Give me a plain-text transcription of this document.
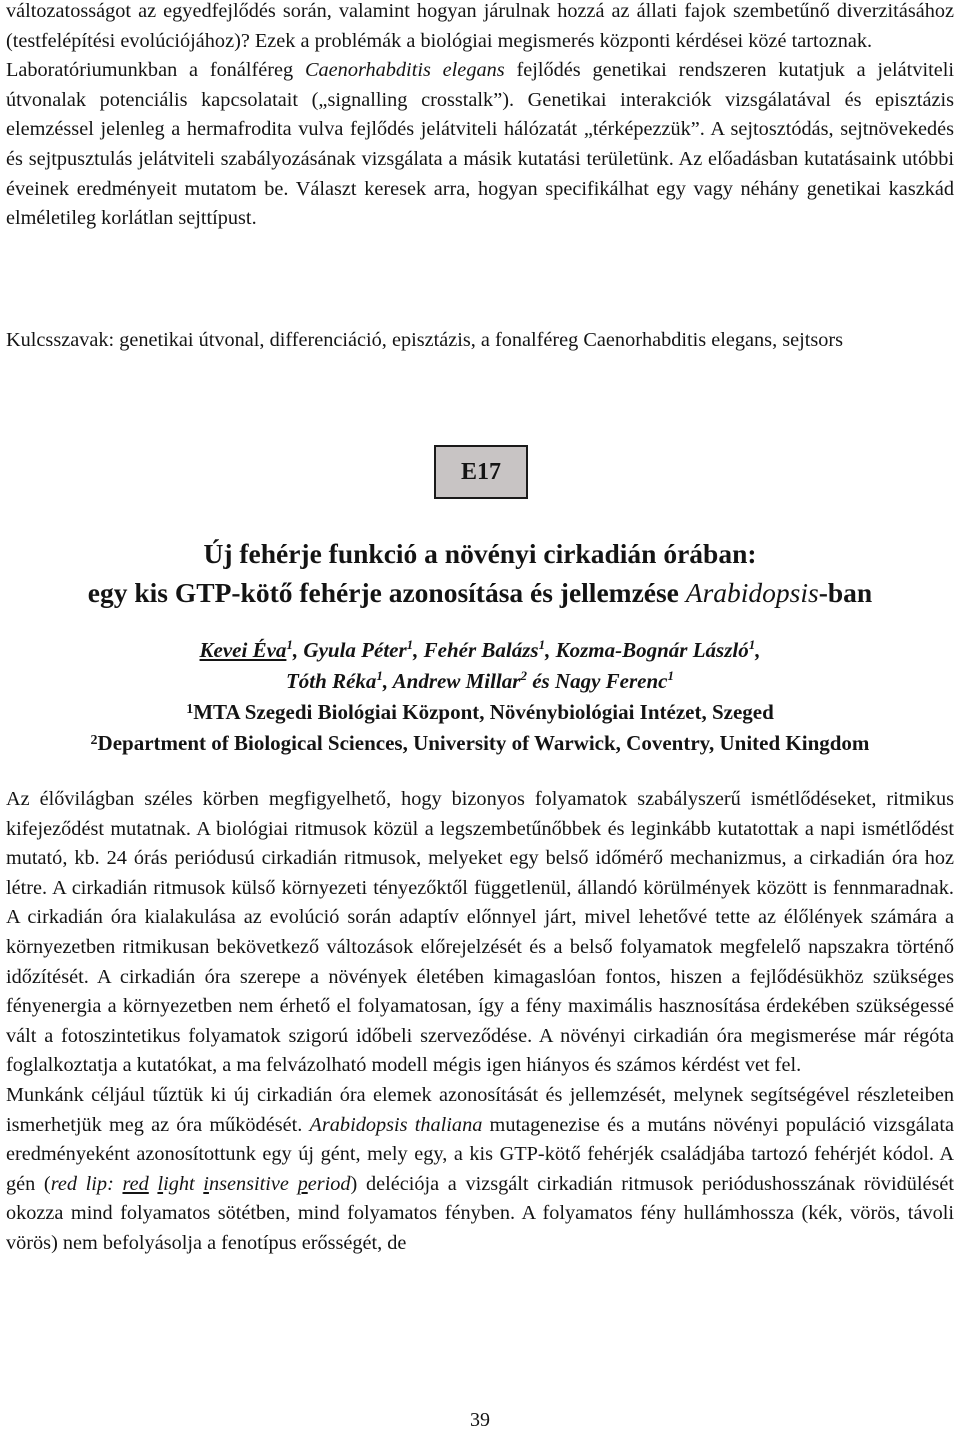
változatosságot az egyedfejlődés során, valamint hogyan járulnak hozzá az állati fajok szembetűnő diverzitásához (testfelépítési evolúciójához)? Ezek a problémák a biológiai megismerés központi kérdései közé tartoznak.
Laboratóriumunkban a fonálféreg Caenorhabditis elegans fejlődés genetikai rendszeren kutatjuk a jelátviteli útvonalak potenciális kapcsolatait („signalling crosstalk”). Genetikai interakciók vizsgálatával és episztázis elemzéssel jelenleg a hermafrodita vulva fejlődés jelátviteli hálózatát „térképezzük”. A sejtosztódás, sejtnövekedés és sejtpusztulás jelátviteli szabályozásának vizsgálata a másik kutatási területünk. Az előadásban kutatásaink utóbbi éveinek eredményeit mutatom be. Választ keresek arra, hogyan specifikálhat egy vagy néhány genetikai kaszkád elméletileg korlátlan sejttípust.

Kulcsszavak: genetikai útvonal, differenciáció, episztázis, a fonalféreg Caenorhabditis elegans, sejtsors

E17
Új fehérje funkció a növényi cirkadián órában:
egy kis GTP-kötő fehérje azonosítása és jellemzése Arabidopsis-ban
Kevei Éva$^1$, Gyula Péter$^1$, Fehér Balázs$^1$, Kozma-Bognár László$^1$,
Tóth Réka$^1$, Andrew Millar$^2$ és Nagy Ferenc$^1$
$^1$MTA Szegedi Biológiai Központ, Növénybiológiai Intézet, Szeged
$^2$Department of Biological Sciences, University of Warwick, Coventry, United Kingdom

Az élővilágban széles körben megfigyelhető, hogy bizonyos folyamatok szabályszerű ismétlődéseket, ritmikus kifejeződést mutatnak. A biológiai ritmusok közül a legszembetűnőbbek és leginkább kutatottak a napi ismétlődést mutató, kb. 24 órás periódusú cirkadián ritmusok, melyeket egy belső időmérő mechanizmus, a cirkadián óra hoz létre. A cirkadián ritmusok külső környezeti tényezőktől függetlenül, állandó körülmények között is fennmaradnak. A cirkadián óra kialakulása az evolúció során adaptív előnnyel járt, mivel lehetővé tette az élőlények számára a környezetben ritmikusan bekövetkező változások előrejelzését és a belső folyamatok megfelelő napszakra történő időzítését. A cirkadián óra szerepe a növények életében kimagaslóan fontos, hiszen a fejlődésükhöz szükséges fényenergia a környezetben nem érhető el folyamatosan, így a fény maximális hasznosítása érdekében szükségessé vált a fotoszintetikus folyamatok szigorú időbeli szerveződése. A növényi cirkadián óra megismerése már régóta foglalkoztatja a kutatókat, a ma felvázolható modell mégis igen hiányos és számos kérdést vet fel.

Munkánk céljául tűztük ki új cirkadián óra elemek azonosítását és jellemzését, melynek segítségével részleteiben ismerhetjük meg az óra működését. Arabidopsis thaliana mutagenezise és a mutáns növényi populáció vizsgálata eredményeként azonosítottunk egy új gént, mely egy, a kis GTP-kötő fehérjék családjába tartozó fehérjét kódol. A gén (red lip: red light insensitive period) deléciója a vizsgált cirkadián ritmusok periódushosszának rövidülését okozza mind folyamatos sötétben, mind folyamatos fényben. A folyamatos fény hullámhossza (kék, vörös, távoli vörös) nem befolyásolja a fenotípus erősségét, de

39
